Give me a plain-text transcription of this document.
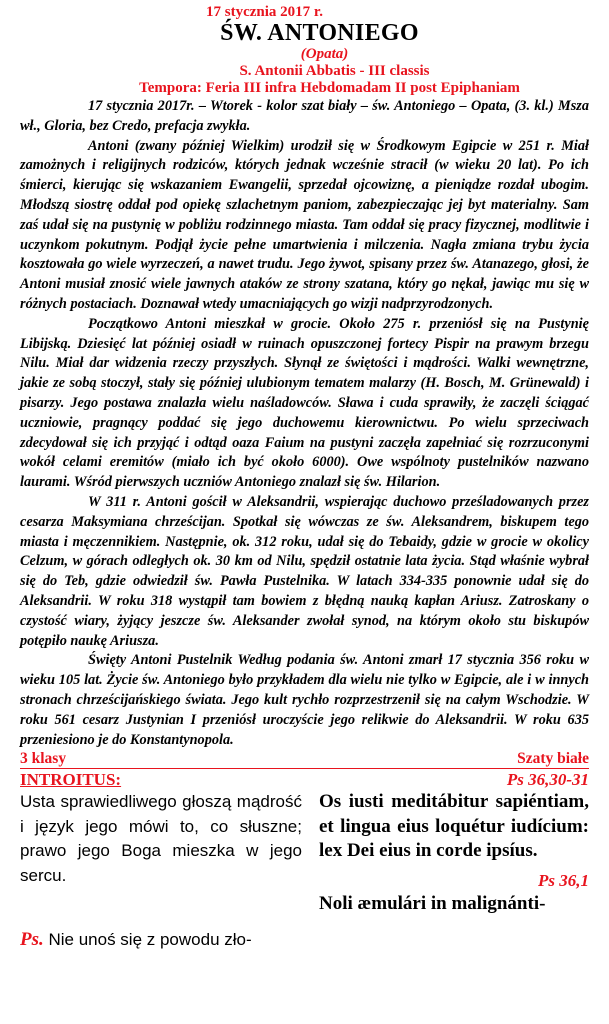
17 stycznia 2017 r.
ŚW. ANTONIEGO
(Opata)
S. Antonii Abbatis - III classis
Tempora: Feria III infra Hebdomadam II post Epiphaniam

17 stycznia 2017r. – Wtorek - kolor szat biały – św. Antoniego – Opata, (3. kl.) Msza wł., Gloria, bez Credo, prefacja zwykła.

Antoni (zwany później Wielkim) urodził się w Środkowym Egipcie w 251 r. Miał zamożnych i religijnych rodziców, których jednak wcześnie stracił (w wieku 20 lat). Po ich śmierci, kierując się wskazaniem Ewangelii, sprzedał ojcowiznę, a pieniądze rozdał ubogim. Młodszą siostrę oddał pod opiekę szlachetnym paniom, zabezpieczając jej byt materialny. Sam zaś udał się na pustynię w pobliżu rodzinnego miasta. Tam oddał się pracy fizycznej, modlitwie i uczynkom pokutnym. Podjął życie pełne umartwienia i milczenia. Nagła zmiana trybu życia kosztowała go wiele wyrzeczeń, a nawet trudu. Jego żywot, spisany przez św. Atanazego, głosi, że Antoni musiał znosić wiele jawnych ataków ze strony szatana, który go nękał, jawiąc mu się w różnych postaciach. Doznawał wtedy umacniających go wizji nadprzyrodzonych.

Początkowo Antoni mieszkał w grocie. Około 275 r. przeniósł się na Pustynię Libijską. Dziesięć lat później osiadł w ruinach opuszczonej fortecy Pispir na prawym brzegu Nilu. Miał dar widzenia rzeczy przyszłych. Słynął ze świętości i mądrości. Walki wewnętrzne, jakie ze sobą stoczył, stały się później ulubionym tematem malarzy (H. Bosch, M. Grünewald) i pisarzy. Jego postawa znalazła wielu naśladowców. Sława i cuda sprawiły, że zaczęli ściągać uczniowie, pragnący poddać się jego duchowemu kierownictwu. Po wielu sprzeciwach zdecydował się ich przyjąć i odtąd oaza Faium na pustyni zaczęła zapełniać się rozrzuconymi wokół celami eremitów (miało ich być około 6000). Owe wspólnoty pustelników nazwano laurami. Wśród pierwszych uczniów Antoniego znalazł się św. Hilarion.

W 311 r. Antoni gościł w Aleksandrii, wspierając duchowo prześladowanych przez cesarza Maksymiana chrześcijan. Spotkał się wówczas ze św. Aleksandrem, biskupem tego miasta i męczennikiem. Następnie, ok. 312 roku, udał się do Tebaidy, gdzie w grocie w okolicy Celzum, w górach odległych ok. 30 km od Nilu, spędził ostatnie lata życia. Stąd właśnie wybrał się do Teb, gdzie odwiedził św. Pawła Pustelnika. W latach 334-335 ponownie udał się do Aleksandrii. W roku 318 wystąpił tam bowiem z błędną nauką kapłan Ariusz. Zatroskany o czystość wiary, żyjący jeszcze św. Aleksander zwołał synod, na którym około stu biskupów potępiło naukę Ariusza.

Święty Antoni Pustelnik Według podania św. Antoni zmarł 17 stycznia 356 roku w wieku 105 lat. Życie św. Antoniego było przykładem dla wielu nie tylko w Egipcie, ale i w innych stronach chrześcijańskiego świata. Jego kult rychło rozprzestrzenił się na całym Wschodzie. W roku 561 cesarz Justynian I przeniósł uroczyście jego relikwie do Aleksandrii. W roku 635 przeniesiono je do Konstantynopola.

3 klasy	Szaty białe
INTROITUS:	Ps 36,30-31

Usta sprawiedliwego głoszą mądrość i język jego mówi to, co słuszne; prawo jego Boga mieszka w jego sercu.

Ps. Nie unoś się z powodu zło-

Os iusti meditábitur sapiéntiam, et lingua eius loquétur iudícium: lex Dei eius in corde ipsíus.

Ps 36,1

Noli æmulári in malignánti-
